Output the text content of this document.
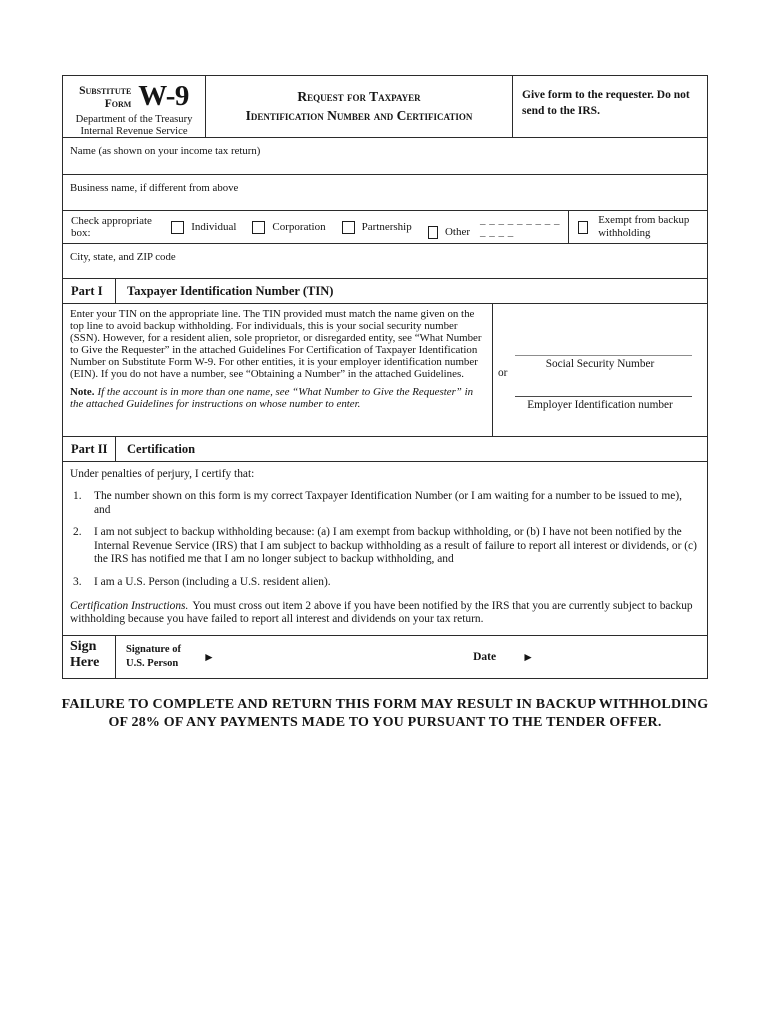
Substitute
Form W-9
Department of the Treasury
Internal Revenue Service
Request for Taxpayer
Identification Number and Certification
Give form to the requester. Do not send to the IRS.
Name (as shown on your income tax return)
Business name, if different from above
Check appropriate box:
Individual	Corporation	Partnership	Other
_ _ _ _ _ _ _ _ _ _ _ _ _
Exempt from backup withholding
City, state, and ZIP code
Part I	Taxpayer Identification Number (TIN)
Enter your TIN on the appropriate line. The TIN provided must match the name given on the top line to avoid backup withholding. For individuals, this is your social security number (SSN). However, for a resident alien, sole proprietor, or disregarded entity, see “What Number to Give the Requester” in the attached Guidelines For Certification of Taxpayer Identification Number on Substitute Form W-9. For other entities, it is your employer identification number (EIN). If you do not have a number, see “Obtaining a Number” in the attached Guidelines.
Note. If the account is in more than one name, see “What Number to Give the Requester” in the attached Guidelines for instructions on whose number to enter.
Social Security Number
or
Employer Identification number
Part II	Certification
Under penalties of perjury, I certify that:
1.	The number shown on this form is my correct Taxpayer Identification Number (or I am waiting for a number to be issued to me), and
2.	I am not subject to backup withholding because: (a) I am exempt from backup withholding, or (b) I have not been notified by the Internal Revenue Service (IRS) that I am subject to backup withholding as a result of failure to report all interest or dividends, or (c) the IRS has notified me that I am no longer subject to backup withholding, and
3.	I am a U.S. Person (including a U.S. resident alien).
Certification Instructions. You must cross out item 2 above if you have been notified by the IRS that you are currently subject to backup withholding because you have failed to report all interest and dividends on your tax return.
Sign
Here
Signature of
U.S. Person ►	Date ►
FAILURE TO COMPLETE AND RETURN THIS FORM MAY RESULT IN BACKUP WITHHOLDING
OF 28% OF ANY PAYMENTS MADE TO YOU PURSUANT TO THE TENDER OFFER.
